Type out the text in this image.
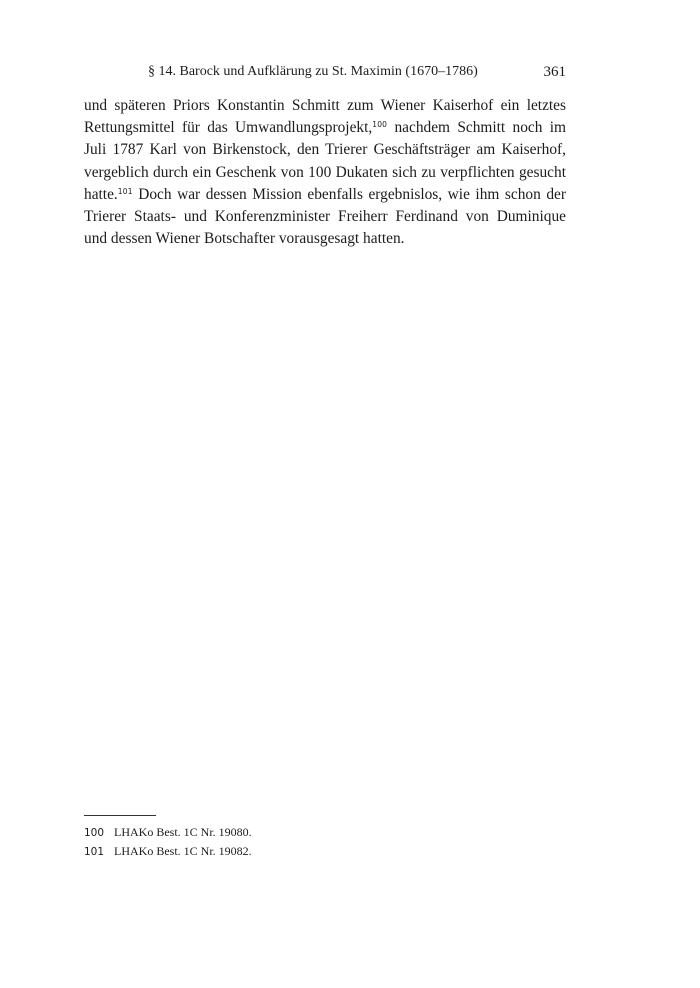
§ 14. Barock und Aufklärung zu St. Maximin (1670–1786)	361
und späteren Priors Konstantin Schmitt zum Wiener Kaiserhof ein letztes
Rettungsmittel für das Umwandlungsprojekt,$^{100}$ nachdem Schmitt noch im
Juli 1787 Karl von Birkenstock, den Trierer Geschäftsträger am Kaiserhof,
vergeblich durch ein Geschenk von 100 Dukaten sich zu verpflichten gesucht
hatte.$^{101}$ Doch war dessen Mission ebenfalls ergebnislos, wie ihm schon der
Trierer Staats- und Konferenzminister Freiherr Ferdinand von Duminique
und dessen Wiener Botschafter vorausgesagt hatten.
100 LHAKo Best. 1C Nr. 19080.
101 LHAKo Best. 1C Nr. 19082.
